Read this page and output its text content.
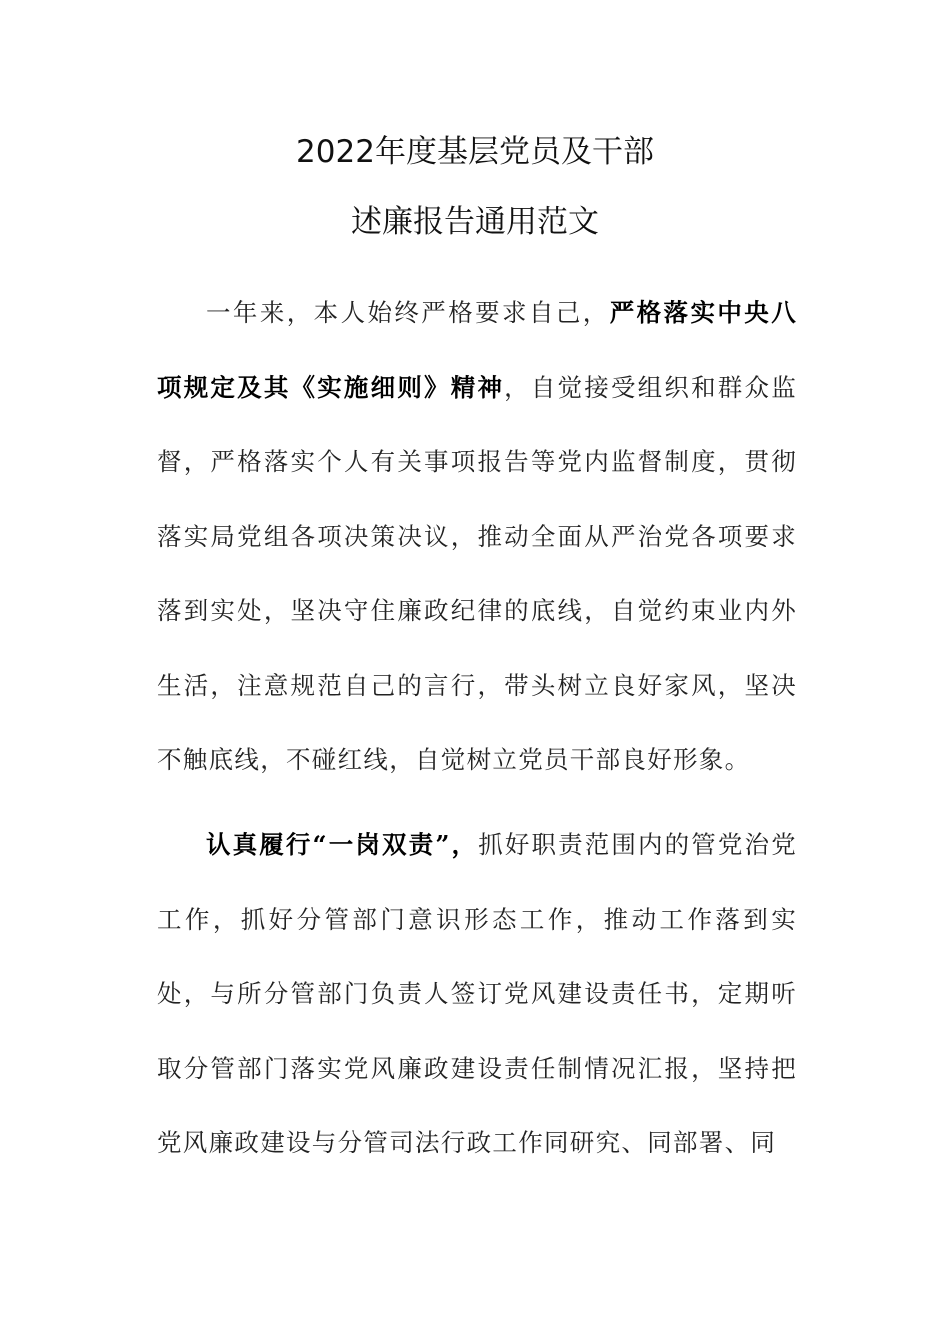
2022年度基层党员及干部
述廉报告通用范文
一年来，本人始终严格要求自己，严格落实中央八项规定及其《实施细则》精神，自觉接受组织和群众监督，严格落实个人有关事项报告等党内监督制度，贯彻落实局党组各项决策决议，推动全面从严治党各项要求落到实处，坚决守住廉政纪律的底线，自觉约束业内外生活，注意规范自己的言行，带头树立良好家风，坚决不触底线，不碰红线，自觉树立党员干部良好形象。
认真履行“一岗双责”，抓好职责范围内的管党治党工作，抓好分管部门意识形态工作，推动工作落到实处，与所分管部门负责人签订党风建设责任书，定期听取分管部门落实党风廉政建设责任制情况汇报，坚持把党风廉政建设与分管司法行政工作同研究、同部署、同
